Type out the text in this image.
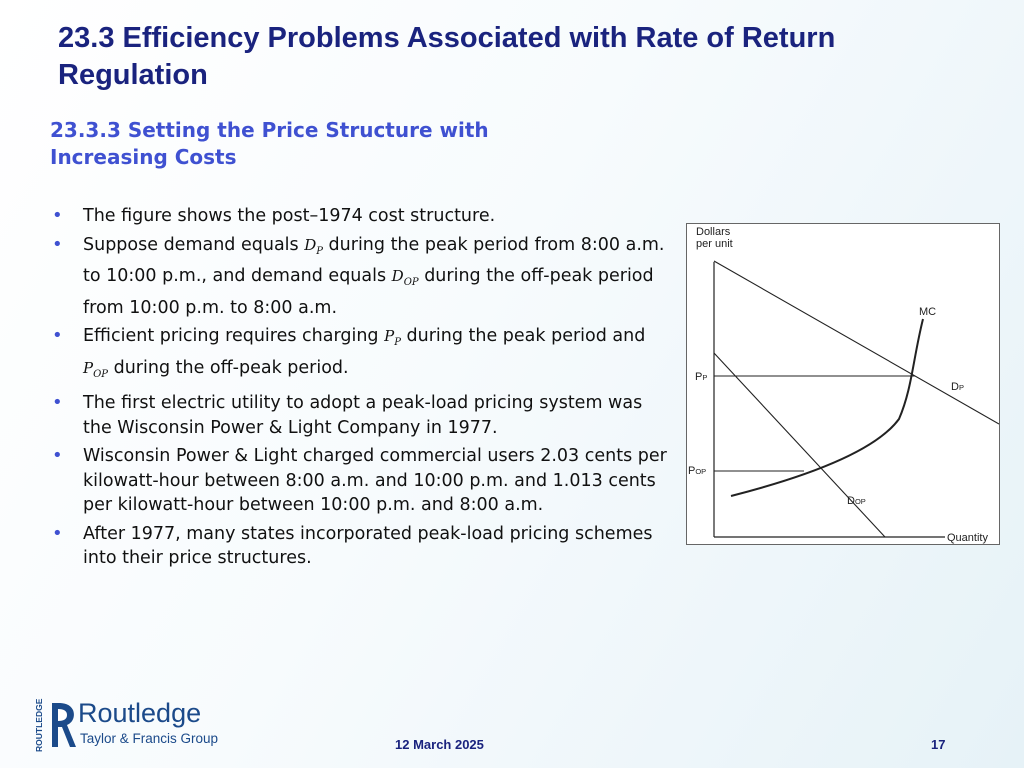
23.3 Efficiency Problems Associated with Rate of Return Regulation
23.3.3 Setting the Price Structure with Increasing Costs
• The figure shows the post–1974 cost structure.
• Suppose demand equals $D_P$ during the peak period from 8:00 a.m. to 10:00 p.m., and demand equals $D_{OP}$ during the off-peak period from 10:00 p.m. to 8:00 a.m.
• Efficient pricing requires charging $P_P$ during the peak period and $P_{OP}$ during the off-peak period.
• The first electric utility to adopt a peak-load pricing system was the Wisconsin Power & Light Company in 1977.
• Wisconsin Power & Light charged commercial users 2.03 cents per kilowatt-hour between 8:00 a.m. and 10:00 p.m. and 1.013 cents per kilowatt-hour between 10:00 p.m. and 8:00 a.m.
• After 1977, many states incorporated peak-load pricing schemes into their price structures.
Dollars
per unit
Quantity
MC
PP
POP
DP
DOP
ROUTLEDGE Routledge
Taylor & Francis Group	12 March 2025	17
